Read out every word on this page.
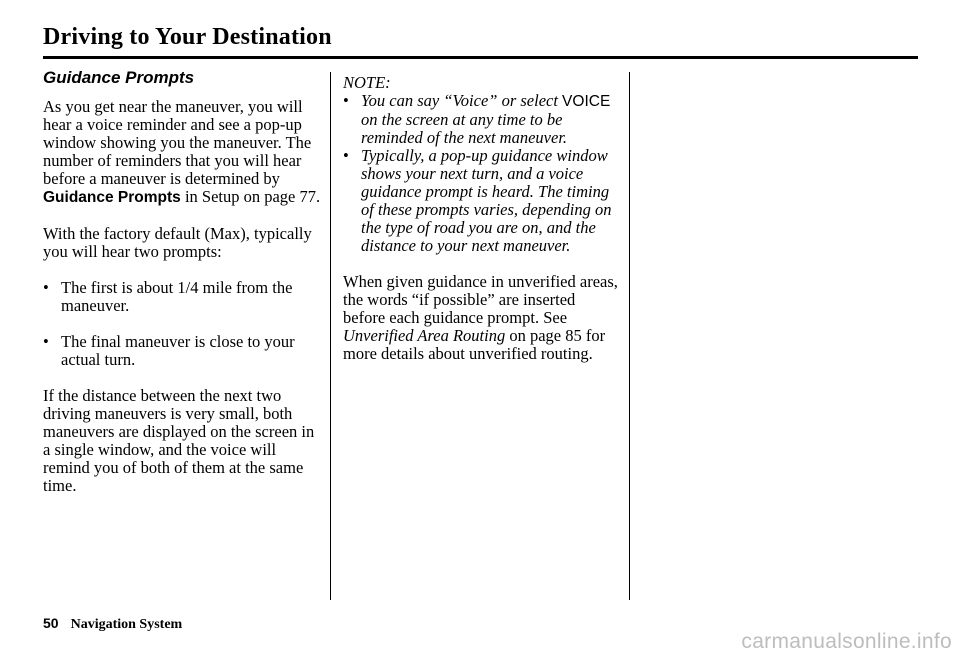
Driving to Your Destination
Guidance Prompts

As you get near the maneuver, you will hear a voice reminder and see a pop-up window showing you the maneuver. The number of reminders that you will hear before a maneuver is determined by Guidance Prompts in Setup on page 77.

With the factory default (Max), typically you will hear two prompts:

• The first is about 1/4 mile from the maneuver.
• The final maneuver is close to your actual turn.

If the distance between the next two driving maneuvers is very small, both maneuvers are displayed on the screen in a single window, and the voice will remind you of both of them at the same time.

NOTE:

• You can say “Voice” or select VOICE on the screen at any time to be reminded of the next maneuver.
• Typically, a pop-up guidance window shows your next turn, and a voice guidance prompt is heard. The timing of these prompts varies, depending on the type of road you are on, and the distance to your next maneuver.

When given guidance in unverified areas, the words “if possible” are inserted before each guidance prompt. See Unverified Area Routing on page 85 for more details about unverified routing.

50 Navigation System
carmanualsonline.info
